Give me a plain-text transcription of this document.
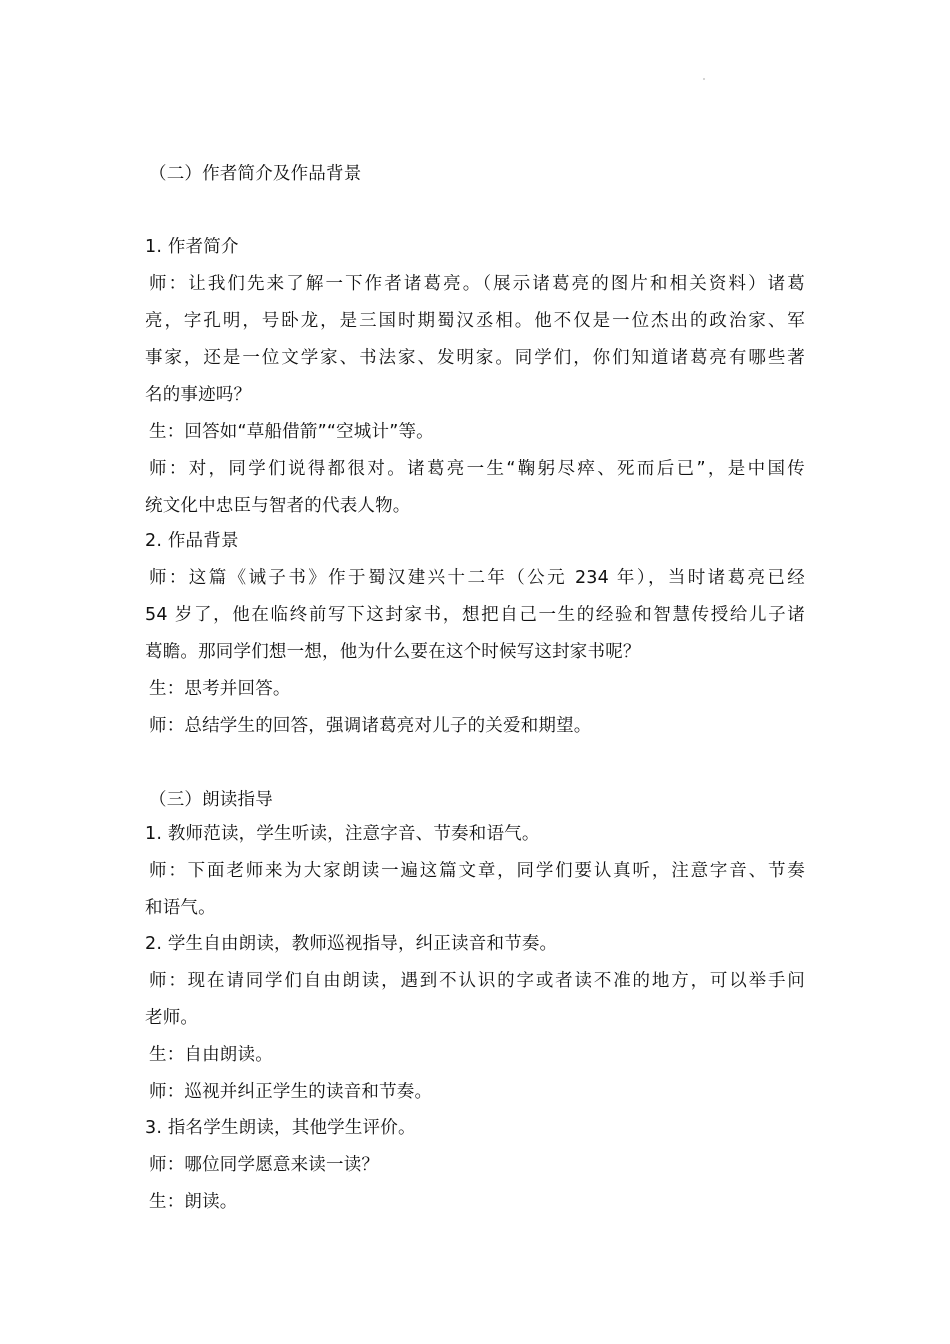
（二）作者简介及作品背景
1. 作者简介
师：让我们先来了解一下作者诸葛亮。（展示诸葛亮的图片和相关资料）诸葛
亮，字孔明，号卧龙，是三国时期蜀汉丞相。他不仅是一位杰出的政治家、军
事家，还是一位文学家、书法家、发明家。同学们，你们知道诸葛亮有哪些著
名的事迹吗？
生：回答如“草船借箭”“空城计”等。
师：对，同学们说得都很对。诸葛亮一生“鞠躬尽瘁、死而后已”，是中国传
统文化中忠臣与智者的代表人物。
2. 作品背景
师：这篇《诫子书》作于蜀汉建兴十二年（公元 234 年），当时诸葛亮已经
54 岁了，他在临终前写下这封家书，想把自己一生的经验和智慧传授给儿子诸
葛瞻。那同学们想一想，他为什么要在这个时候写这封家书呢？
生：思考并回答。
师：总结学生的回答，强调诸葛亮对儿子的关爱和期望。
（三）朗读指导
1. 教师范读，学生听读，注意字音、节奏和语气。
师：下面老师来为大家朗读一遍这篇文章，同学们要认真听，注意字音、节奏
和语气。
2. 学生自由朗读，教师巡视指导，纠正读音和节奏。
师：现在请同学们自由朗读，遇到不认识的字或者读不准的地方，可以举手问
老师。
生：自由朗读。
师：巡视并纠正学生的读音和节奏。
3. 指名学生朗读，其他学生评价。
师：哪位同学愿意来读一读？
生：朗读。
